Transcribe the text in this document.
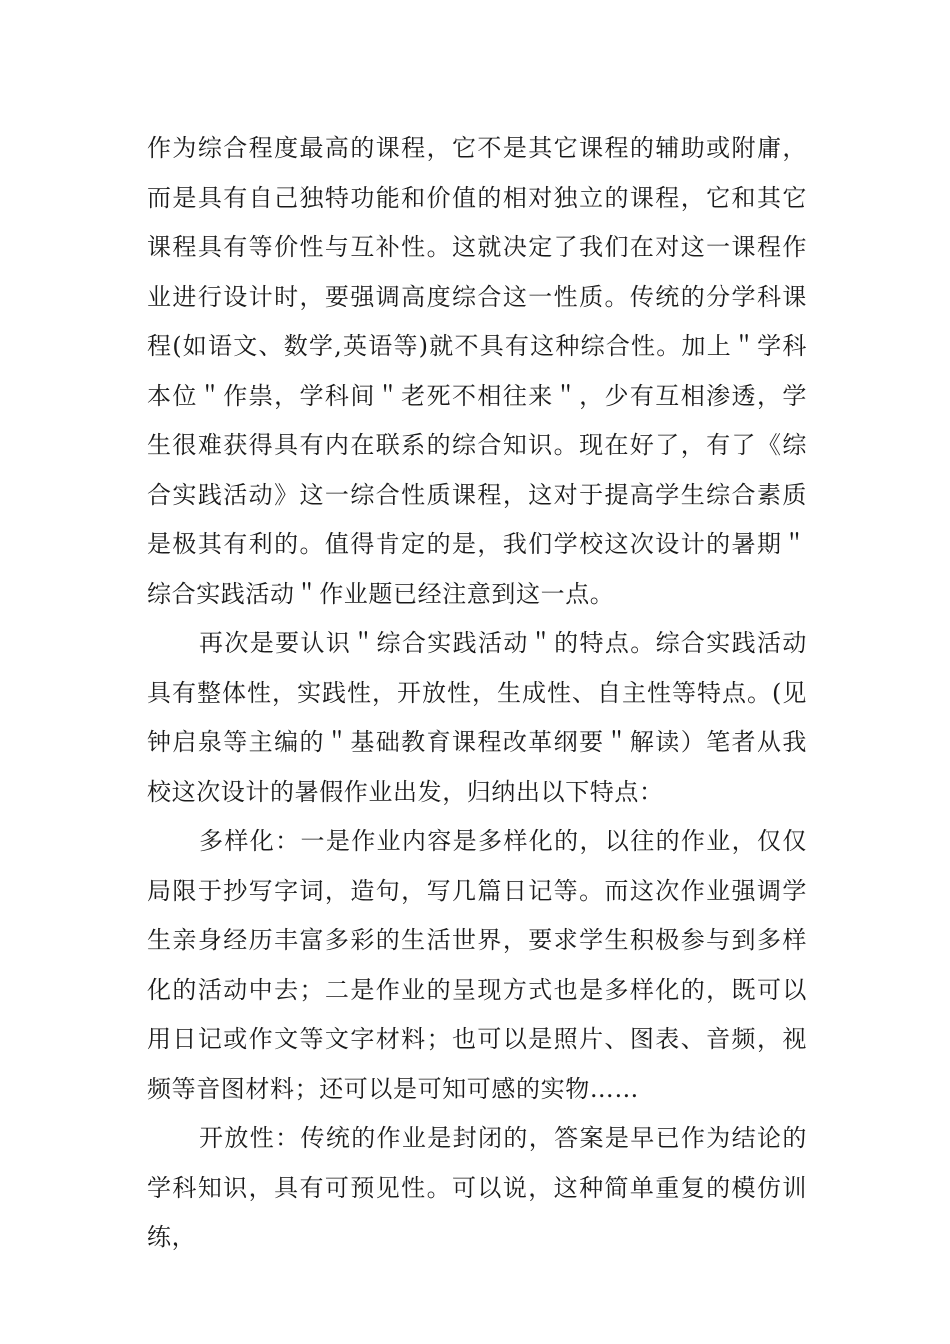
作为综合程度最高的课程，它不是其它课程的辅助或附庸，而是具有自己独特功能和价值的相对独立的课程，它和其它课程具有等价性与互补性。这就决定了我们在对这一课程作业进行设计时，要强调高度综合这一性质。传统的分学科课程(如语文、数学,英语等)就不具有这种综合性。加上＂学科本位＂作祟，学科间＂老死不相往来＂，少有互相渗透，学生很难获得具有内在联系的综合知识。现在好了，有了《综合实践活动》这一综合性质课程，这对于提高学生综合素质是极其有利的。值得肯定的是，我们学校这次设计的暑期＂综合实践活动＂作业题已经注意到这一点。

再次是要认识＂综合实践活动＂的特点。综合实践活动具有整体性，实践性，开放性，生成性、自主性等特点。(见钟启泉等主编的＂基础教育课程改革纲要＂解读）笔者从我校这次设计的暑假作业出发，归纳出以下特点：

多样化：一是作业内容是多样化的，以往的作业，仅仅局限于抄写字词，造句，写几篇日记等。而这次作业强调学生亲身经历丰富多彩的生活世界，要求学生积极参与到多样化的活动中去；二是作业的呈现方式也是多样化的，既可以用日记或作文等文字材料；也可以是照片、图表、音频，视频等音图材料；还可以是可知可感的实物……

开放性：传统的作业是封闭的，答案是早已作为结论的学科知识，具有可预见性。可以说，这种简单重复的模仿训练，
